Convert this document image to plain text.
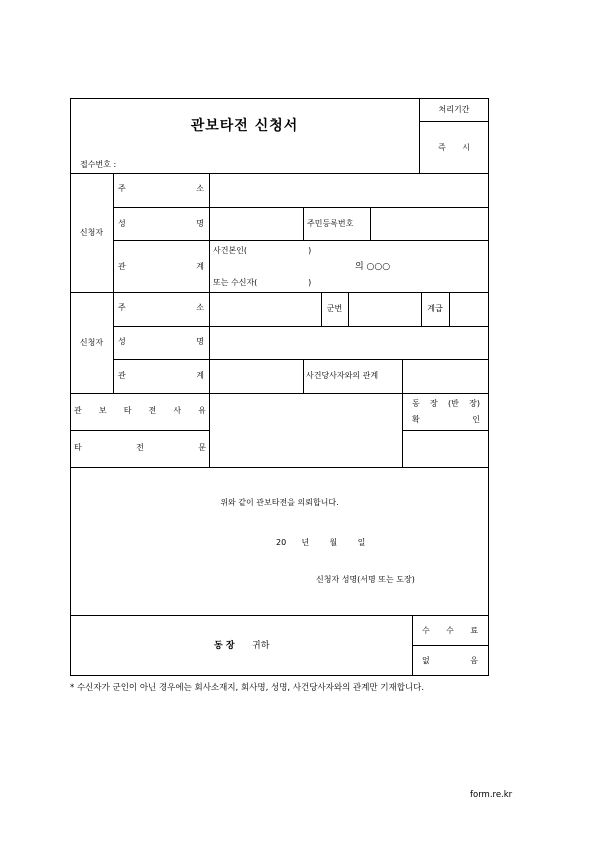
관보타전 신청서
처리기간
즉 시
접수번호 :
신청자
주 소
성 명	주민등록번호
관 계
사건본인(                        )
의 ○○○
또는 수신자(                    )
신청자
주 소	군번	계급
성 명
관 계	사건당사자와의 관계
관 보 타 전 사 유
동 장 (반 장)
확 인
타 전 문
위와 같이 관보타전을 의뢰합니다.
20      년        월        일
신청자 성명(서명 또는 도장)
동 장 귀하
수 수 료
없 음
* 수신자가 군인이 아닌 경우에는 회사소재지, 회사명, 성명, 사건당사자와의 관계만 기재합니다.
form.re.kr
